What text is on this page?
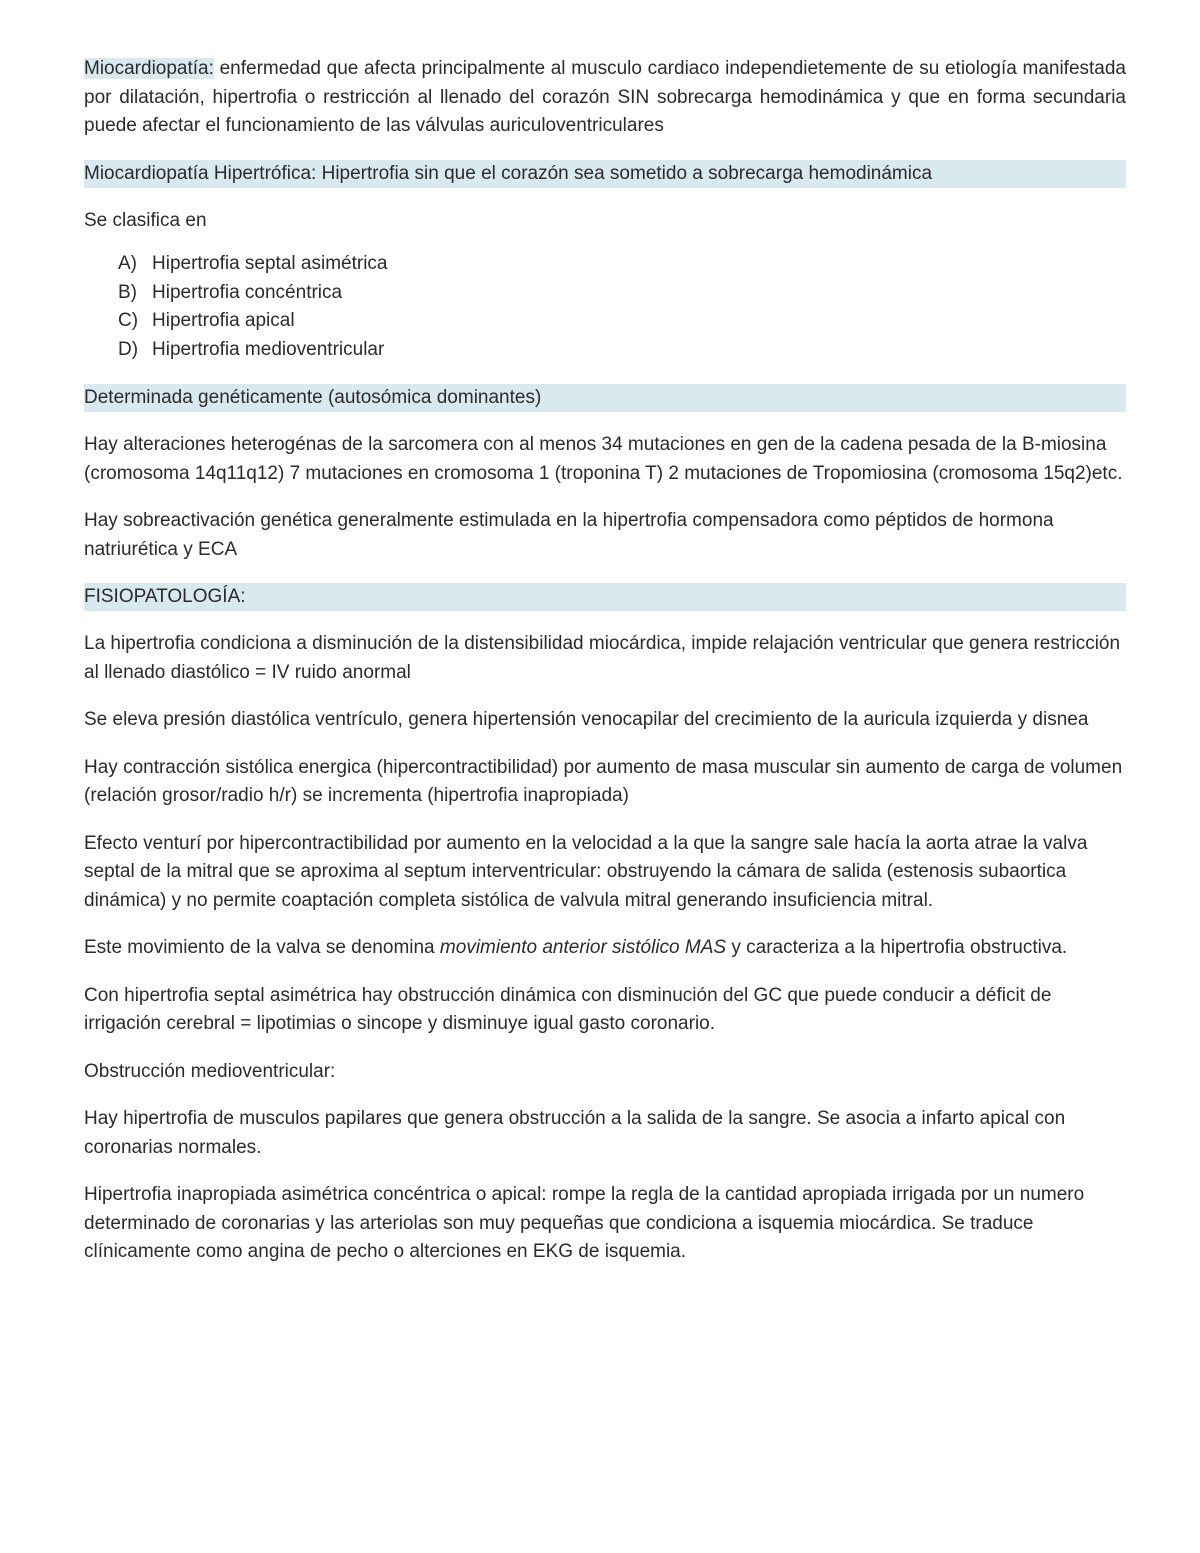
Miocardiopatía: enfermedad que afecta principalmente al musculo cardiaco independietemente de su etiología manifestada por dilatación, hipertrofia o restricción al llenado del corazón SIN sobrecarga hemodinámica y que en forma secundaria puede afectar el funcionamiento de las válvulas auriculoventriculares

Miocardiopatía Hipertrófica: Hipertrofia sin que el corazón sea sometido a sobrecarga hemodinámica

Se clasifica en

A) Hipertrofia septal asimétrica
B) Hipertrofia concéntrica
C) Hipertrofia apical
D) Hipertrofia medioventricular
Determinada genéticamente (autosómica dominantes)

Hay alteraciones heterogénas de la sarcomera con al menos 34 mutaciones en gen de la cadena pesada de la B-miosina (cromosoma 14q11q12) 7 mutaciones en cromosoma 1 (troponina T) 2 mutaciones de Tropomiosina (cromosoma 15q2)etc.

Hay sobreactivación genética generalmente estimulada en la hipertrofia compensadora como péptidos de hormona natriurética y ECA

FISIOPATOLOGÍA:

La hipertrofia condiciona a disminución de la distensibilidad miocárdica, impide relajación ventricular que genera restricción al llenado diastólico = IV ruido anormal

Se eleva presión diastólica ventrículo, genera hipertensión venocapilar del crecimiento de la auricula izquierda y disnea

Hay contracción sistólica energica (hipercontractibilidad) por aumento de masa muscular sin aumento de carga de volumen (relación grosor/radio h/r) se incrementa (hipertrofia inapropiada)

Efecto venturí por hipercontractibilidad por aumento en la velocidad a la que la sangre sale hacía la aorta atrae la valva septal de la mitral que se aproxima al septum interventricular: obstruyendo la cámara de salida (estenosis subaortica dinámica) y no permite coaptación completa sistólica de valvula mitral generando insuficiencia mitral.

Este movimiento de la valva se denomina movimiento anterior sistólico MAS y caracteriza a la hipertrofia obstructiva.

Con hipertrofia septal asimétrica hay obstrucción dinámica con disminución del GC que puede conducir a déficit de irrigación cerebral = lipotimias o sincope y disminuye igual gasto coronario.

Obstrucción medioventricular:

Hay hipertrofia de musculos papilares que genera obstrucción a la salida de la sangre. Se asocia a infarto apical con coronarias normales.

Hipertrofia inapropiada asimétrica concéntrica o apical: rompe la regla de la cantidad apropiada irrigada por un numero determinado de coronarias y las arteriolas son muy pequeñas que condiciona a isquemia miocárdica. Se traduce clínicamente como angina de pecho o alterciones en EKG de isquemia.
